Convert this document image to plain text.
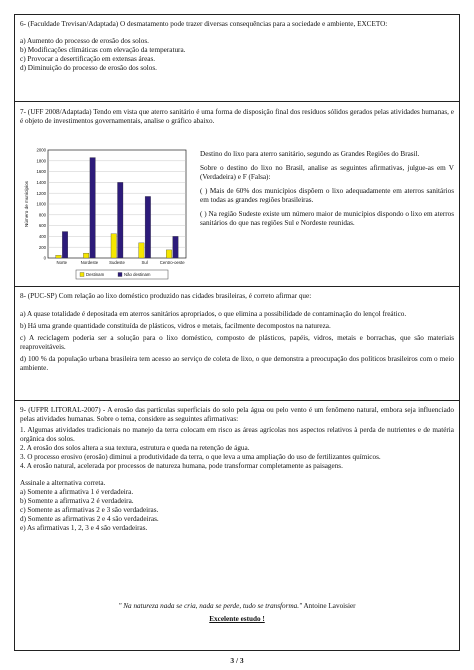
6- (Faculdade Trevisan/Adaptada) O desmatamento pode trazer diversas consequências para a sociedade e ambiente, EXCETO:

a) Aumento do processo de erosão dos solos.
b) Modificações climáticas com elevação da temperatura.
c) Provocar a desertificação em extensas áreas.
d) Diminuição do processo de erosão dos solos.

7- (UFF 2008/Adaptada) Tendo em vista que aterro sanitário é uma forma de disposição final dos resíduos sólidos gerados pelas atividades humanas, e é objeto de investimentos governamentais, analise o gráfico abaixo.

0
200
400
600
800
1000
1200
1400
1600
1800
2000
Número de municípios
Norte	Nordeste	Sudeste	Sul	Centro-oeste
Destinam	Não destinam

Destino do lixo para aterro sanitário, segundo as Grandes Regiões do Brasil.

Sobre o destino do lixo no Brasil, analise as seguintes afirmativas, julgue-as em V (Verdadeira) e F (Falsa):

( ) Mais de 60% dos municípios dispõem o lixo adequadamente em aterros sanitários em todas as grandes regiões brasileiras.

( ) Na região Sudeste existe um número maior de municípios dispondo o lixo em aterros sanitários do que nas regiões Sul e Nordeste reunidas.

8- (PUC-SP) Com relação ao lixo doméstico produzido nas cidades brasileiras, é correto afirmar que:

a) A quase totalidade é depositada em aterros sanitários apropriados, o que elimina a possibilidade de contaminação do lençol freático.
b) Há uma grande quantidade constituída de plásticos, vidros e metais, facilmente decompostos na natureza.
c) A reciclagem poderia ser a solução para o lixo doméstico, composto de plásticos, papéis, vidros, metais e borrachas, que são materiais reaproveitáveis.
d) 100 % da população urbana brasileira tem acesso ao serviço de coleta de lixo, o que demonstra a preocupação dos políticos brasileiros com o meio ambiente.

9- (UFPR LITORAL-2007) - A erosão das partículas superficiais do solo pela água ou pelo vento é um fenômeno natural, embora seja influenciado pelas atividades humanas. Sobre o tema, considere as seguintes afirmativas:

1. Algumas atividades tradicionais no manejo da terra colocam em risco as áreas agrícolas nos aspectos relativos à perda de nutrientes e de matéria orgânica dos solos.
2. A erosão dos solos altera a sua textura, estrutura e queda na retenção de água.
3. O processo erosivo (erosão) diminui a produtividade da terra, o que leva a uma ampliação do uso de fertilizantes químicos.
4. A erosão natural, acelerada por processos de natureza humana, pode transformar completamente as paisagens.

Assinale a alternativa correta.

a) Somente a afirmativa 1 é verdadeira.
b) Somente a afirmativa 2 é verdadeira.
c) Somente as afirmativas 2 e 3 são verdadeiras.
d) Somente as afirmativas 2 e 4 são verdadeiras.
e) As afirmativas 1, 2, 3 e 4 são verdadeiras.
" Na natureza nada se cria, nada se perde, tudo se transforma." Antoine Lavoisier
Excelente estudo !
3 / 3
